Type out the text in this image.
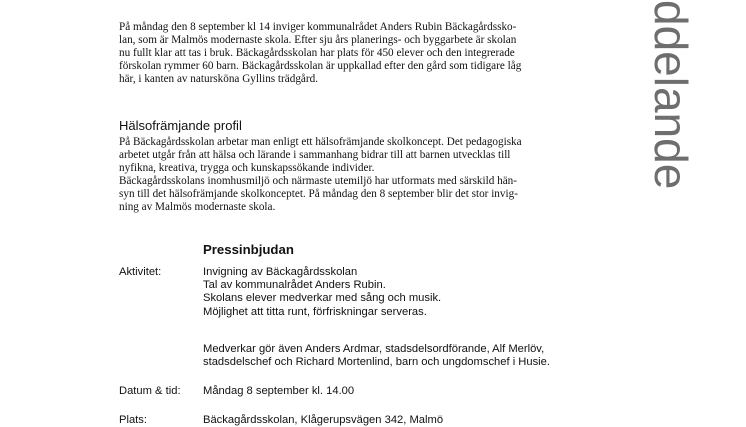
ddelande
På måndag den 8 september kl 14 inviger kommunalrådet Anders Rubin Bäckagårdssko-
lan, som är Malmös modernaste skola. Efter sju års planerings- och byggarbete är skolan
nu fullt klar att tas i bruk. Bäckagårdsskolan har plats för 450 elever och den integrerade
förskolan rymmer 60 barn. Bäckagårdsskolan är uppkallad efter den gård som tidigare låg
här, i kanten av natursköna Gyllins trädgård.
Hälsofrämjande profil
På Bäckagårdsskolan arbetar man enligt ett hälsofrämjande skolkoncept. Det pedagogiska
arbetet utgår från att hälsa och lärande i sammanhang bidrar till att barnen utvecklas till
nyfikna, kreativa, trygga och kunskapssökande individer.
Bäckagårdsskolans inomhusmiljö och närmaste utemiljö har utformats med särskild hän-
syn till det hälsofrämjande skolkonceptet. På måndag den 8 september blir det stor invig-
ning av Malmös modernaste skola.
Pressinbjudan
Aktivitet:	Invigning av Bäckagårdsskolan
Tal av kommunalrådet Anders Rubin.
Skolans elever medverkar med sång och musik.
Möjlighet att titta runt, förfriskningar serveras.
Medverkar gör även Anders Ardmar, stadsdelsordförande, Alf Merlöv,
stadsdelschef och Richard Mortenlind, barn och ungdomschef i Husie.
Datum & tid: Måndag 8 september kl. 14.00
Plats:	Bäckagårdsskolan, Klågerupsvägen 342, Malmö
